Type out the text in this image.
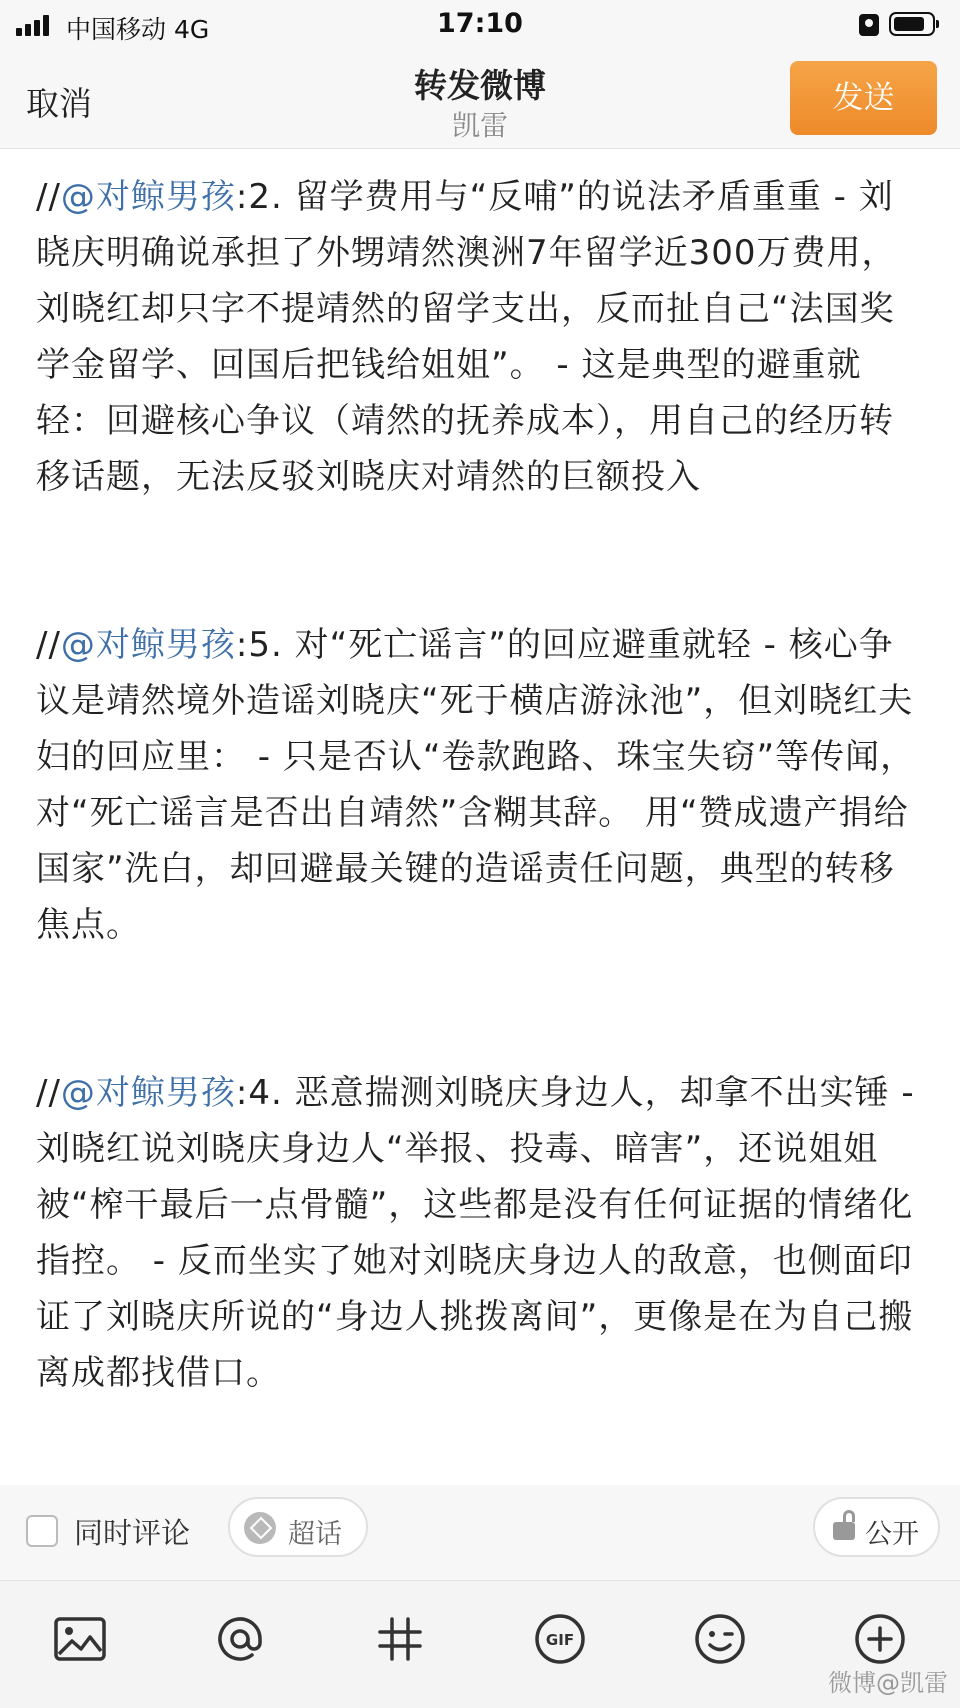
中国移动 4G	17:10
取消	转发微博
凯雷
发送

//@对鲸男孩:2. 留学费用与“反哺”的说法矛盾重重 - 刘晓庆明确说承担了外甥靖然澳洲7年留学近300万费用，刘晓红却只字不提靖然的留学支出，反而扯自己“法国奖学金留学、回国后把钱给姐姐”。 - 这是典型的避重就轻：回避核心争议（靖然的抚养成本），用自己的经历转移话题，无法反驳刘晓庆对靖然的巨额投入

//@对鲸男孩:5. 对“死亡谣言”的回应避重就轻 - 核心争议是靖然境外造谣刘晓庆“死于横店游泳池”，但刘晓红夫妇的回应里： - 只是否认“卷款跑路、珠宝失窃”等传闻，对“死亡谣言是否出自靖然”含糊其辞。 用“赞成遗产捐给国家”洗白，却回避最关键的造谣责任问题，典型的转移焦点。

//@对鲸男孩:4. 恶意揣测刘晓庆身边人，却拿不出实锤 - 刘晓红说刘晓庆身边人“举报、投毒、暗害”，还说姐姐被“榨干最后一点骨髓”，这些都是没有任何证据的情绪化指控。 - 反而坐实了她对刘晓庆身边人的敌意，也侧面印证了刘晓庆所说的“身边人挑拨离间”，更像是在为自己搬离成都找借口。

同时评论	超话	公开
GIF
微博@凯雷
